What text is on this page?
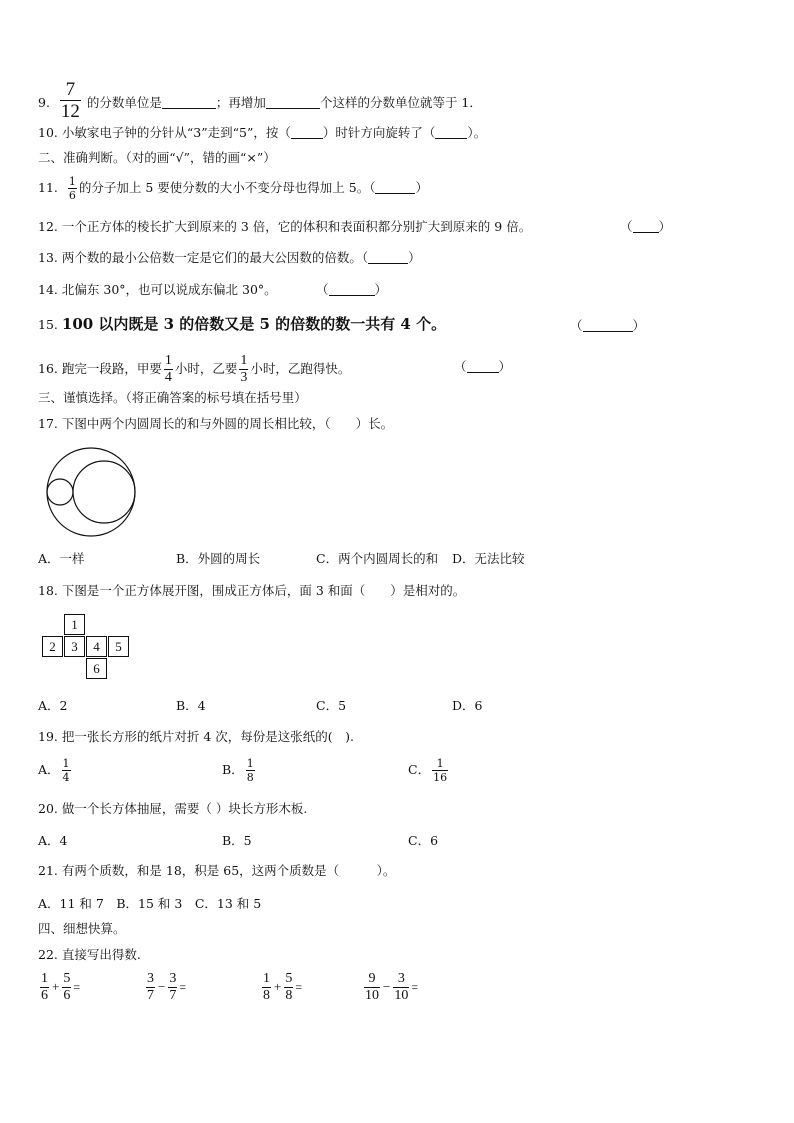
9. $\frac{7}{12}$ 的分数单位是	；再增加	个这样的分数单位就等于 1．
10. 小敏家电子钟的分针从“3”走到“5”，按（	）时针方向旋转了（	）。
二、准确判断。（对的画“√”，错的画“×”）
11. $\frac{1}{6}$ 的分子加上 5 要使分数的大小不变分母也得加上 5。（	）
12. 一个正方体的棱长扩大到原来的 3 倍，它的体积和表面积都分别扩大到原来的 9 倍。	（ ）
13. 两个数的最小公倍数一定是它们的最大公因数的倍数。（	）
14. 北偏东 30°，也可以说成东偏北 30°。	（	）
15. 100 以内既是 3 的倍数又是 5 的倍数的数一共有 4 个。	（	）
16. 跑完一段路，甲要 $\frac{1}{4}$ 小时，乙要 $\frac{1}{3}$ 小时，乙跑得快。	（	）
三、谨慎选择。（将正确答案的标号填在括号里）
17. 下图中两个内圆周长的和与外圆的周长相比较，（　　）长。
A．一样	B．外圆的周长	C．两个内圆周长的和 D．无法比较
18. 下图是一个正方体展开图，围成正方体后，面 3 和面（　　）是相对的。
1
2	3	4	5
6
A．2	B．4	C．5	D．6
19. 把一张长方形的纸片对折 4 次，每份是这张纸的(　).
A． $\frac{1}{4}$	B． $\frac{1}{8}$	C． $\frac{1}{16}$
20. 做一个长方体抽屉，需要（ ）块长方形木板.
A．4	B．5	C．6
21. 有两个质数，和是 18，积是 65，这两个质数是（　　　）。
A．11 和 7　B．15 和 3　C．13 和 5
四、细想快算。
22. 直接写出得数.
$\frac{1}{6} + \frac{5}{6}$ =	$\frac{3}{7} - \frac{3}{7}$ =	$\frac{1}{8} + \frac{5}{8}$ =	$\frac{9}{10} - \frac{3}{10}$ =
